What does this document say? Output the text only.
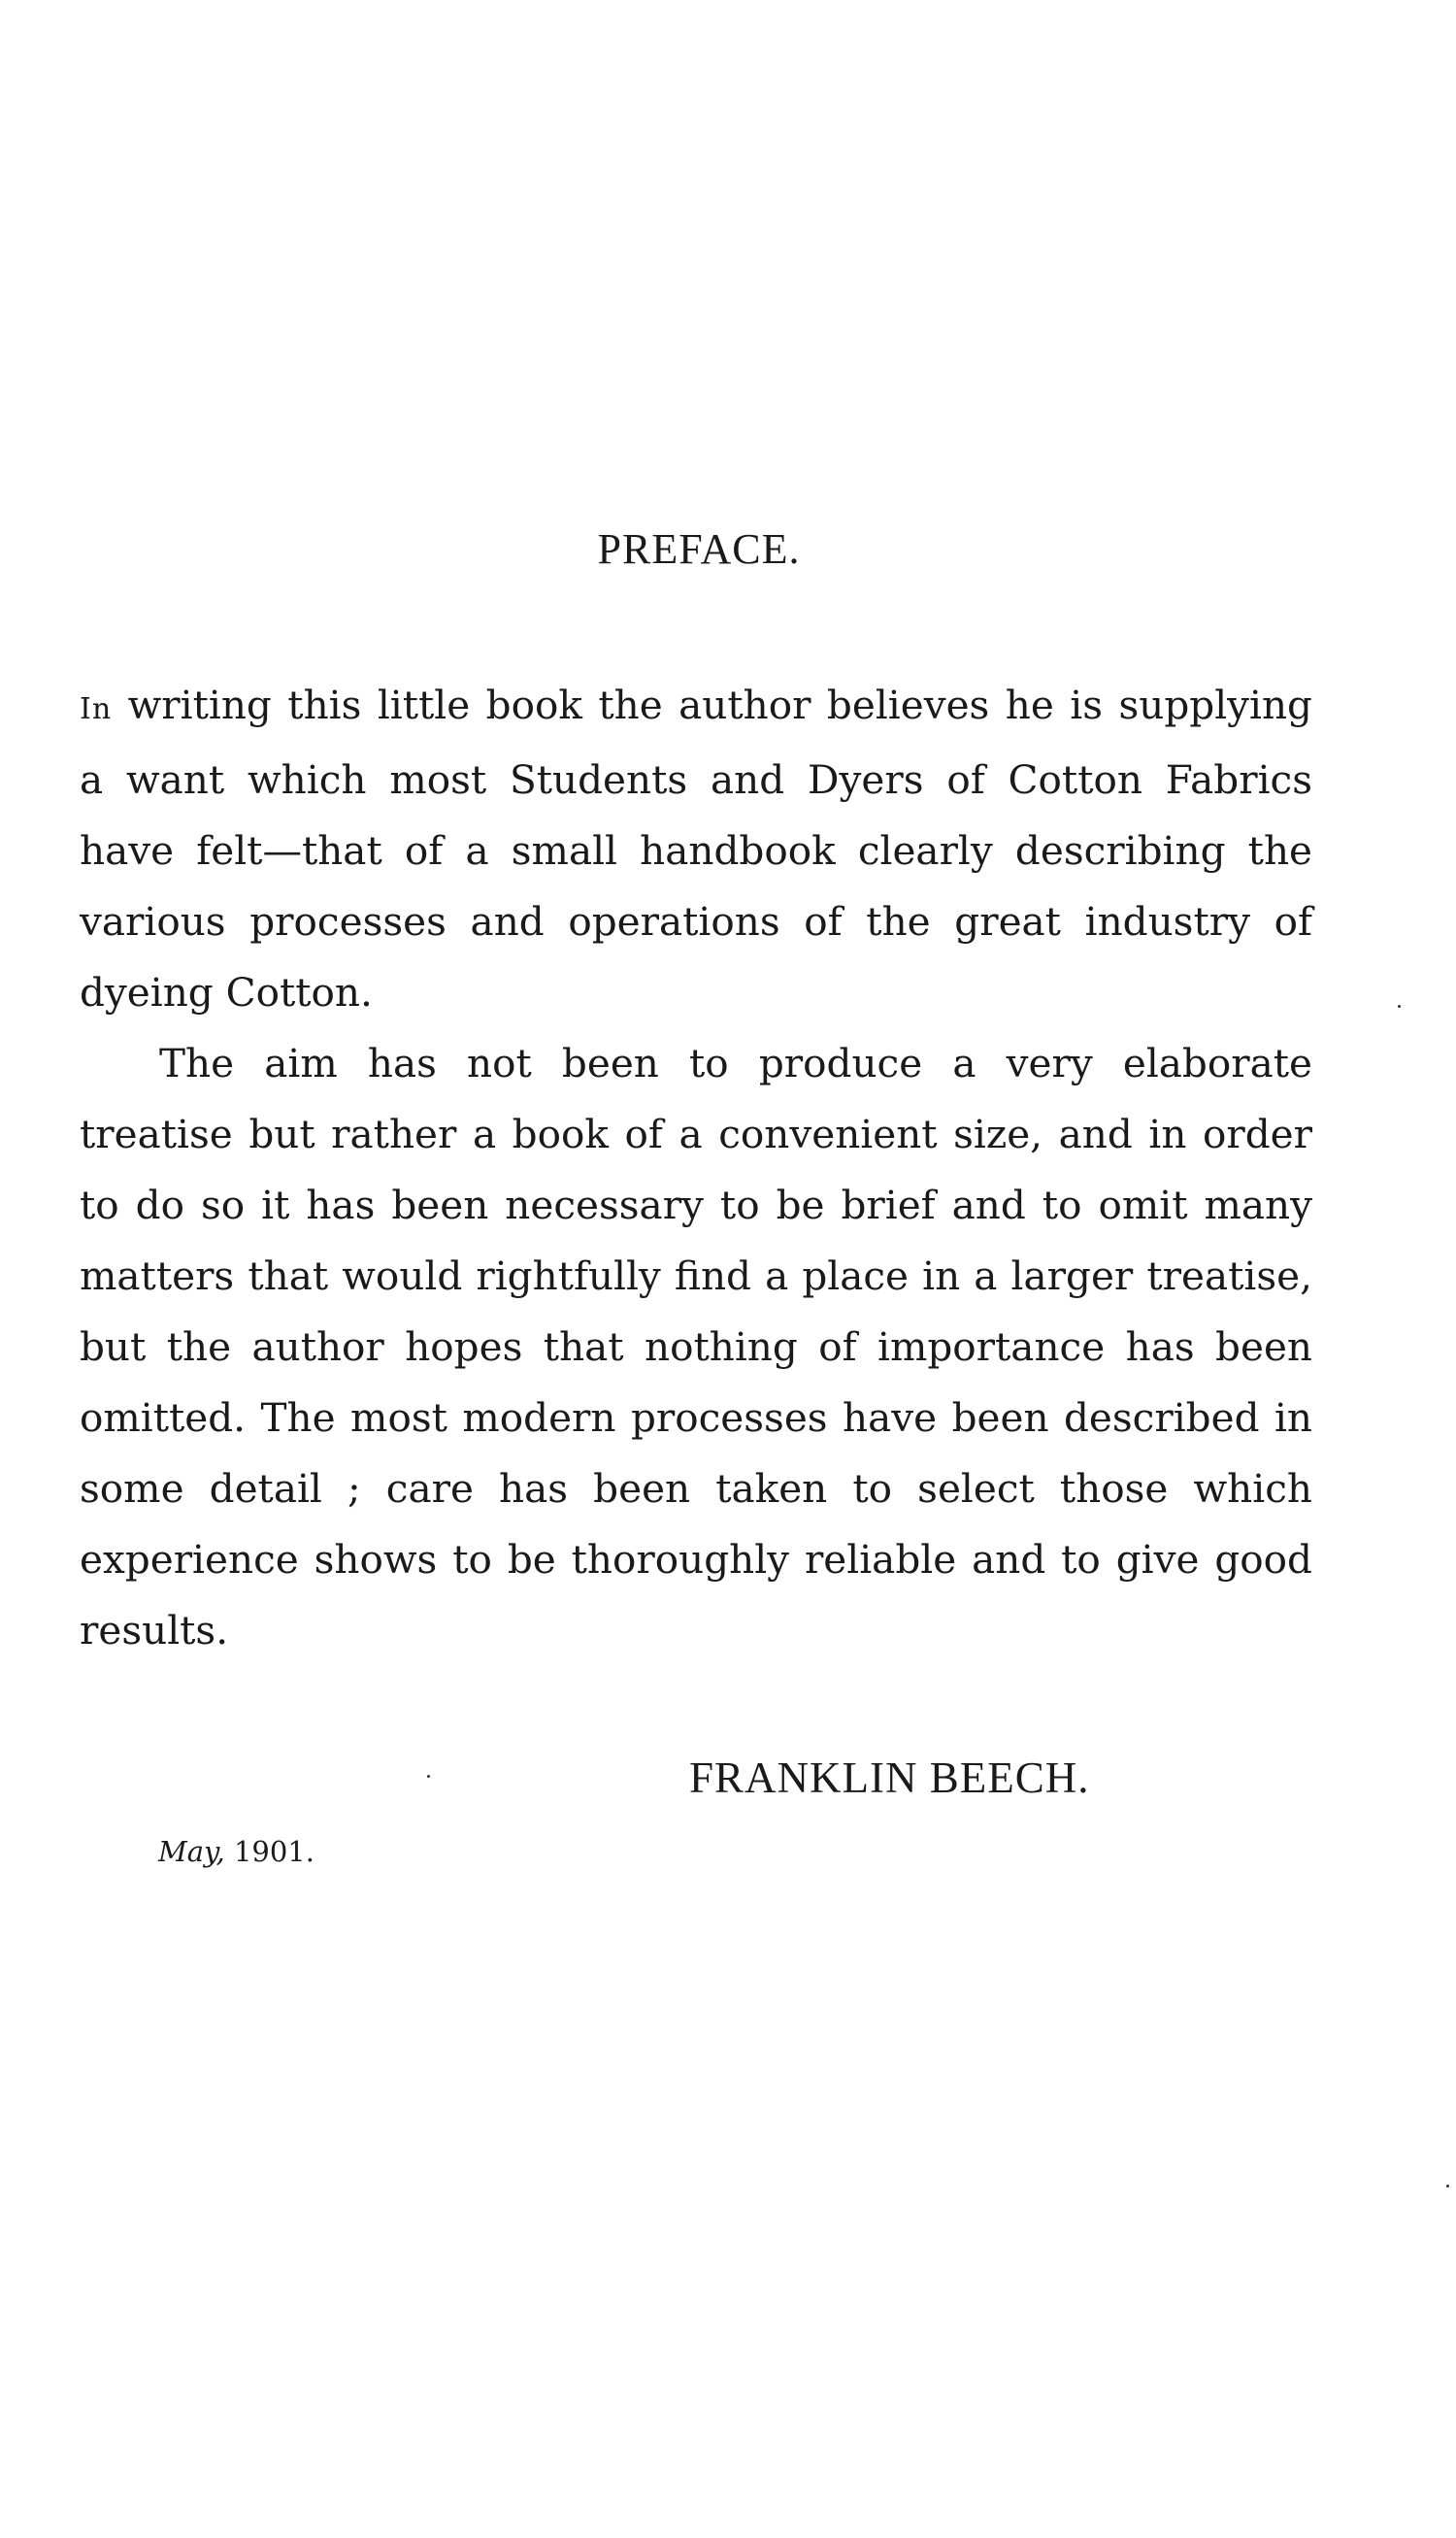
PREFACE.

In writing this little book the author believes he is supplying a want which most Students and Dyers of Cotton Fabrics have felt—that of a small handbook clearly describing the various processes and operations of the great industry of dyeing Cotton.

The aim has not been to produce a very elaborate treatise but rather a book of a convenient size, and in order to do so it has been necessary to be brief and to omit many matters that would rightfully find a place in a larger treatise, but the author hopes that nothing of importance has been omitted. The most modern processes have been described in some detail ; care has been taken to select those which experience shows to be thoroughly reliable and to give good results.

FRANKLIN BEECH.
May, 1901.
